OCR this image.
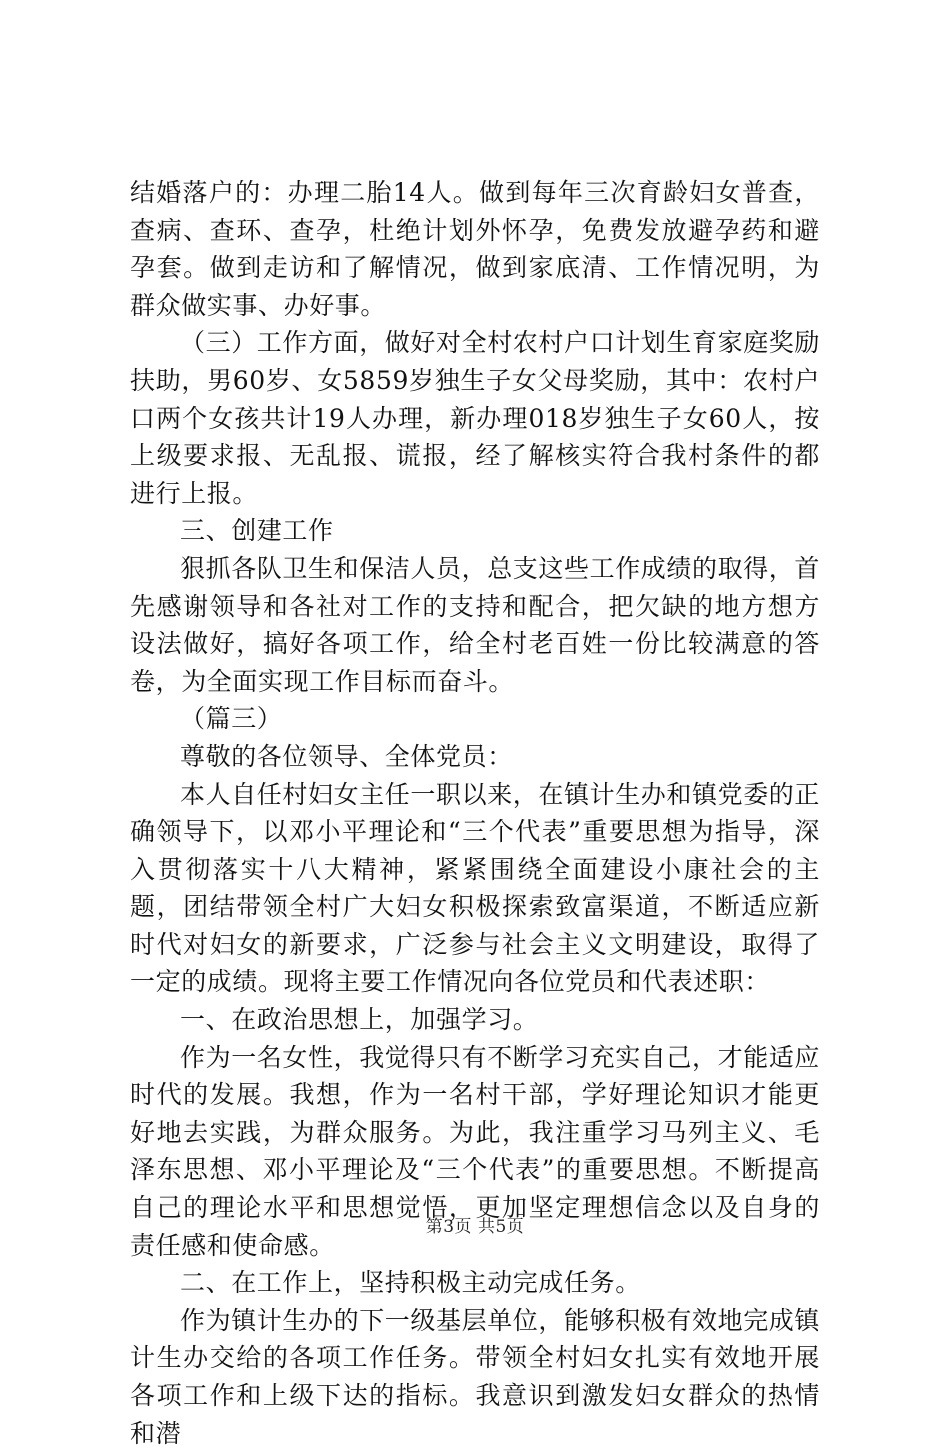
结婚落户的：办理二胎14人。做到每年三次育龄妇女普查，查病、查环、查孕，杜绝计划外怀孕，免费发放避孕药和避孕套。做到走访和了解情况，做到家底清、工作情况明，为群众做实事、办好事。

（三）工作方面，做好对全村农村户口计划生育家庭奖励扶助，男60岁、女5859岁独生子女父母奖励，其中：农村户口两个女孩共计19人办理，新办理018岁独生子女60人，按上级要求报、无乱报、谎报，经了解核实符合我村条件的都进行上报。

三、创建工作

狠抓各队卫生和保洁人员，总支这些工作成绩的取得，首先感谢领导和各社对工作的支持和配合，把欠缺的地方想方设法做好，搞好各项工作，给全村老百姓一份比较满意的答卷，为全面实现工作目标而奋斗。

（篇三）

尊敬的各位领导、全体党员：

本人自任村妇女主任一职以来，在镇计生办和镇党委的正确领导下，以邓小平理论和“三个代表”重要思想为指导，深入贯彻落实十八大精神，紧紧围绕全面建设小康社会的主题，团结带领全村广大妇女积极探索致富渠道，不断适应新时代对妇女的新要求，广泛参与社会主义文明建设，取得了一定的成绩。现将主要工作情况向各位党员和代表述职：

一、在政治思想上，加强学习。

作为一名女性，我觉得只有不断学习充实自己，才能适应时代的发展。我想，作为一名村干部，学好理论知识才能更好地去实践，为群众服务。为此，我注重学习马列主义、毛泽东思想、邓小平理论及“三个代表”的重要思想。不断提高自己的理论水平和思想觉悟，更加坚定理想信念以及自身的责任感和使命感。

二、在工作上，坚持积极主动完成任务。

作为镇计生办的下一级基层单位，能够积极有效地完成镇计生办交给的各项工作任务。带领全村妇女扎实有效地开展各项工作和上级下达的指标。我意识到激发妇女群众的热情和潜

第3页 共5页
